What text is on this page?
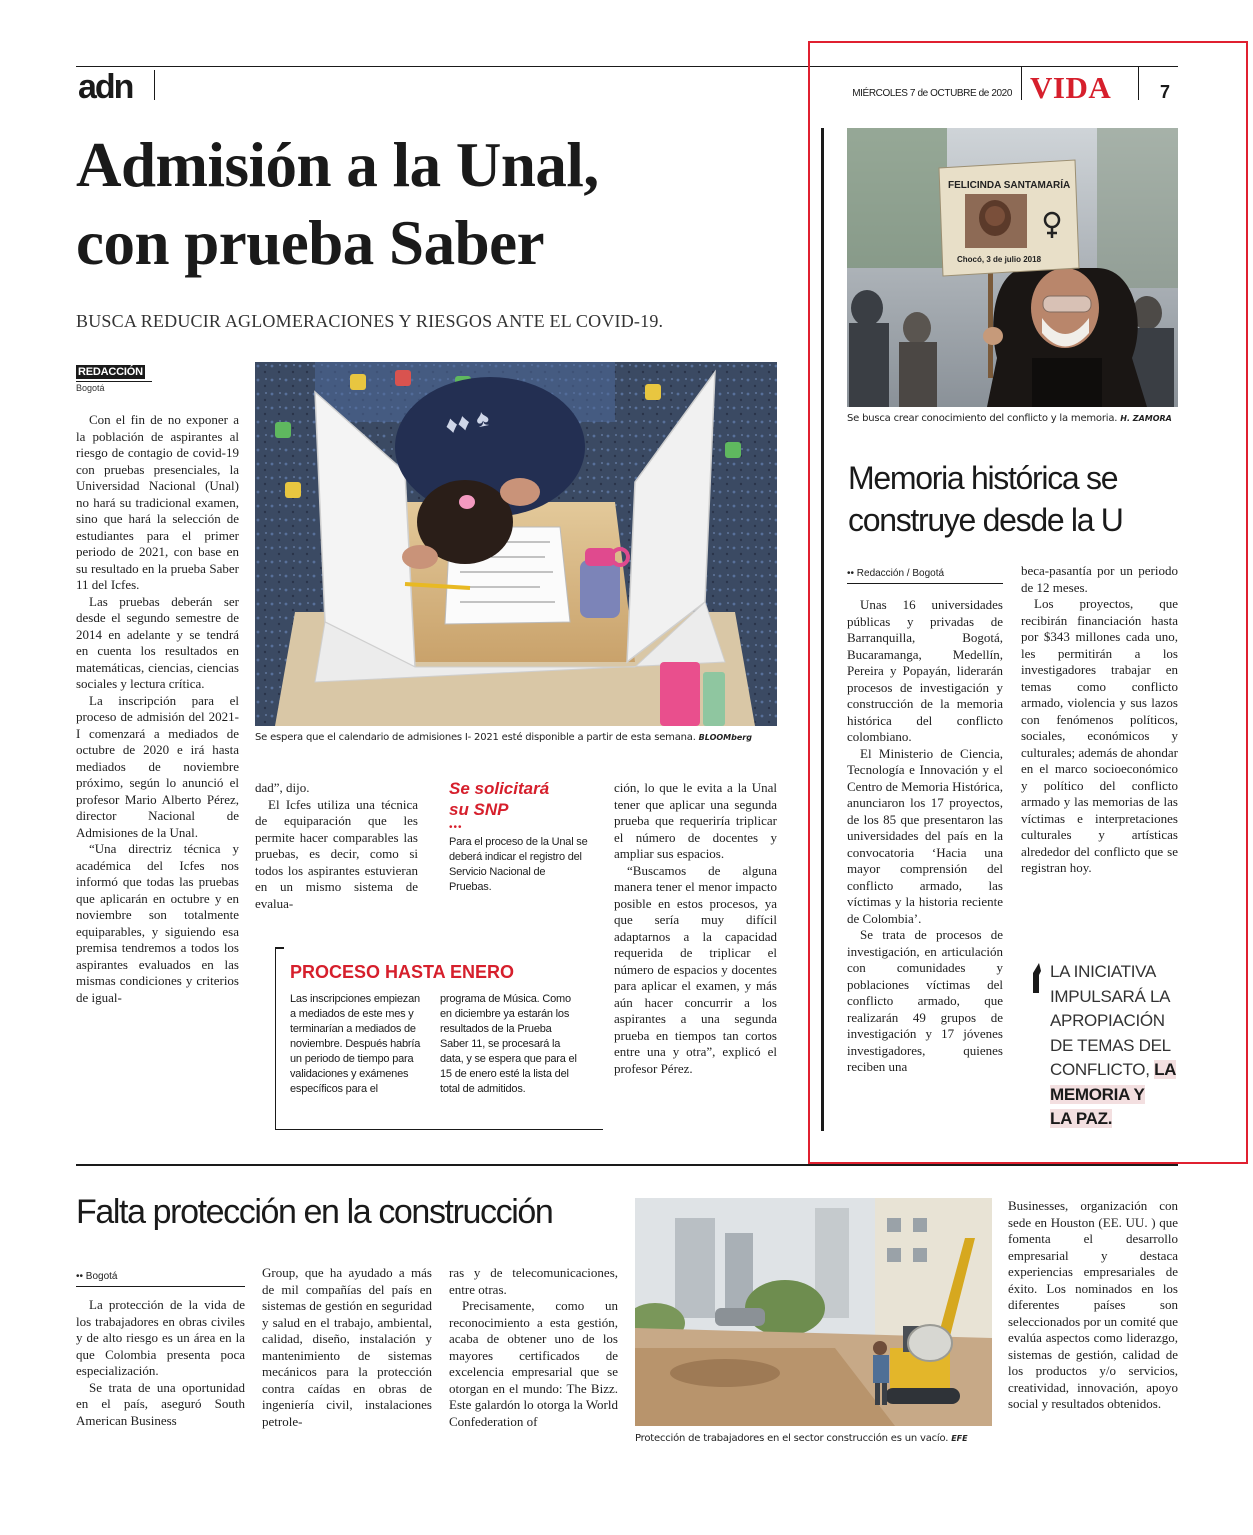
adn	MIÉRCOLES 7 de OCTUBRE de 2020 VIDA	7
Admisión a la Unal,
con prueba Saber
BUSCA REDUCIR AGLOMERACIONES Y RIESGOS ANTE EL COVID-19.
REDACCIÓN
Bogotá

Con el fin de no exponer a la población de aspirantes al riesgo de contagio de covid-19 con pruebas presenciales, la Universidad Nacional (Unal) no hará su tradicional examen, sino que hará la selección de estudiantes para el primer periodo de 2021, con base en su resultado en la prueba Saber 11 del Icfes.

Las pruebas deberán ser desde el segundo semestre de 2014 en adelante y se tendrá en cuenta los resultados en matemáticas, ciencias, ciencias sociales y lectura crítica.

La inscripción para el proceso de admisión del 2021-I comenzará a mediados de octubre de 2020 e irá hasta mediados de noviembre próximo, según lo anunció el profesor Mario Alberto Pérez, director Nacional de Admisiones de la Unal.

“Una directriz técnica y académica del Icfes nos informó que todas las pruebas que aplicarán en octubre y en noviembre son totalmente equiparables, y siguiendo esa premisa tendremos a todos los aspirantes evaluados en las mismas condiciones y criterios de igual-

♦♦ ♠
Se espera que el calendario de admisiones I- 2021 esté disponible a partir de esta semana. BLOOMberg
dad”, dijo.

El Icfes utiliza una técnica de equiparación que les permite hacer comparables las pruebas, es decir, como si todos los aspirantes estuvieran en un mismo sistema de evalua-

Se solicitará
su SNP
•••
Para el proceso de la Unal se deberá indicar el registro del Servicio Nacional de Pruebas.
ción, lo que le evita a la Unal tener que aplicar una segunda prueba que requeriría triplicar el número de docentes y ampliar sus espacios.

“Buscamos de alguna manera tener el menor impacto posible en estos procesos, ya que sería muy difícil adaptarnos a la capacidad requerida de triplicar el número de espacios y docentes para aplicar el examen, y más aún hacer concurrir a los aspirantes a una segunda prueba en tiempos tan cortos entre una y otra”, explicó el profesor Pérez.

PROCESO HASTA ENERO
Las inscripciones empiezan a mediados de este mes y terminarían a mediados de noviembre. Después habría un periodo de tiempo para validaciones y exámenes específicos para el
programa de Música. Como en diciembre ya estarán los resultados de la Prueba Saber 11, se procesará la data, y se espera que para el 15 de enero esté la lista del total de admitidos.
FELICINDA SANTAMARÍA
Chocó, 3 de julio 2018
Se busca crear conocimiento del conflicto y la memoria. H. ZAMORA
Memoria histórica se
construye desde la U
•• Redacción / Bogotá

Unas 16 universidades públicas y privadas de Barranquilla, Bogotá, Bucaramanga, Medellín, Pereira y Popayán, liderarán procesos de investigación y construcción de la memoria histórica del conflicto colombiano.

El Ministerio de Ciencia, Tecnología e Innovación y el Centro de Memoria Histórica, anunciaron los 17 proyectos, de los 85 que presentaron las universidades del país en la convocatoria ‘Hacia una mayor comprensión del conflicto armado, las víctimas y la historia reciente de Colombia’.

Se trata de procesos de investigación, en articulación con comunidades y poblaciones víctimas del conflicto armado, que realizarán 49 grupos de investigación y 17 jóvenes investigadores, quienes reciben una

beca-pasantía por un periodo de 12 meses.

Los proyectos, que recibirán financiación hasta por $343 millones cada uno, les permitirán a los investigadores trabajar en temas como conflicto armado, violencia y sus lazos con fenómenos políticos, sociales, económicos y culturales; además de ahondar en el marco socioeconómico y político del conflicto armado y las memorias de las víctimas e interpretaciones culturales y artísticas alrededor del conflicto que se registran hoy.

LA INICIATIVA
IMPULSARÁ LA
APROPIACIÓN
DE TEMAS DEL
CONFLICTO, LA
MEMORIA Y
LA PAZ.
Falta protección en la construcción
•• Bogotá

La protección de la vida de los trabajadores en obras civiles y de alto riesgo es un área en la que Colombia presenta poca especialización.

Se trata de una oportunidad en el país, aseguró South American Business

Group, que ha ayudado a más de mil compañías del país en sistemas de gestión en seguridad y salud en el trabajo, ambiental, calidad, diseño, instalación y mantenimiento de sistemas mecánicos para la protección contra caídas en obras de ingeniería civil, instalaciones petrole-
ras y de telecomunicaciones, entre otras.

Precisamente, como un reconocimiento a esta gestión, acaba de obtener uno de los mayores certificados de excelencia empresarial que se otorgan en el mundo: The Bizz. Este galardón lo otorga la World Confederation of

Protección de trabajadores en el sector construcción es un vacío. EFE
Businesses, organización con sede en Houston (EE. UU. ) que fomenta el desarrollo empresarial y destaca experiencias empresariales de éxito. Los nominados en los diferentes países son seleccionados por un comité que evalúa aspectos como liderazgo, sistemas de gestión, calidad de los productos y/o servicios, creatividad, innovación, apoyo social y resultados obtenidos.
